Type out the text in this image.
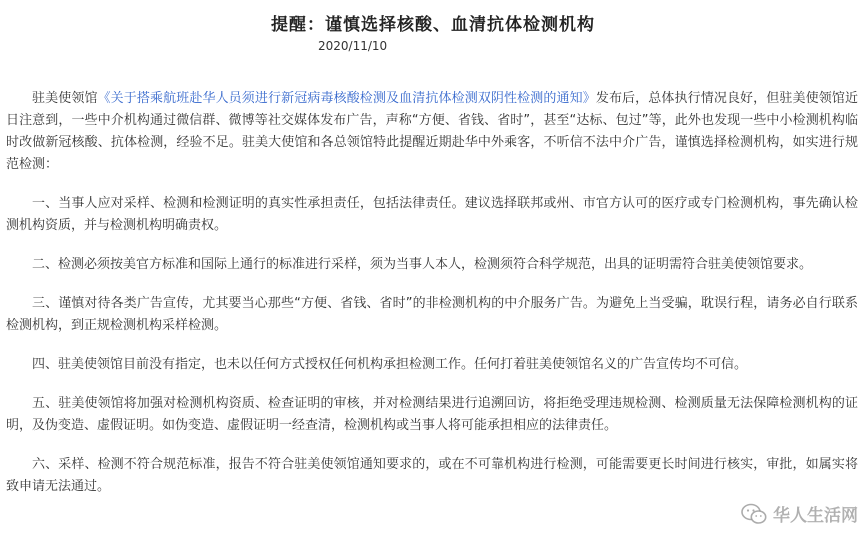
提醒：谨慎选择核酸、血清抗体检测机构
2020/11/10

驻美使领馆《关于搭乘航班赴华人员须进行新冠病毒核酸检测及血清抗体检测双阴性检测的通知》发布后，总体执行情况良好，但驻美使领馆近日注意到，一些中介机构通过微信群、微博等社交媒体发布广告，声称“方便、省钱、省时”，甚至“达标、包过”等，此外也发现一些中小检测机构临时改做新冠核酸、抗体检测，经验不足。驻美大使馆和各总领馆特此提醒近期赴华中外乘客，不听信不法中介广告，谨慎选择检测机构，如实进行规范检测：

一、当事人应对采样、检测和检测证明的真实性承担责任，包括法律责任。建议选择联邦或州、市官方认可的医疗或专门检测机构，事先确认检测机构资质，并与检测机构明确责权。

二、检测必须按美官方标准和国际上通行的标准进行采样，须为当事人本人，检测须符合科学规范，出具的证明需符合驻美使领馆要求。

三、谨慎对待各类广告宣传，尤其要当心那些“方便、省钱、省时”的非检测机构的中介服务广告。为避免上当受骗，耽误行程，请务必自行联系检测机构，到正规检测机构采样检测。

四、驻美使领馆目前没有指定，也未以任何方式授权任何机构承担检测工作。任何打着驻美使领馆名义的广告宣传均不可信。

五、驻美使领馆将加强对检测机构资质、检查证明的审核，并对检测结果进行追溯回访，将拒绝受理违规检测、检测质量无法保障检测机构的证明，及伪变造、虚假证明。如伪变造、虚假证明一经查清，检测机构或当事人将可能承担相应的法律责任。

六、采样、检测不符合规范标准，报告不符合驻美使领馆通知要求的，或在不可靠机构进行检测，可能需要更长时间进行核实，审批，如属实将致申请无法通过。

华人生活网
